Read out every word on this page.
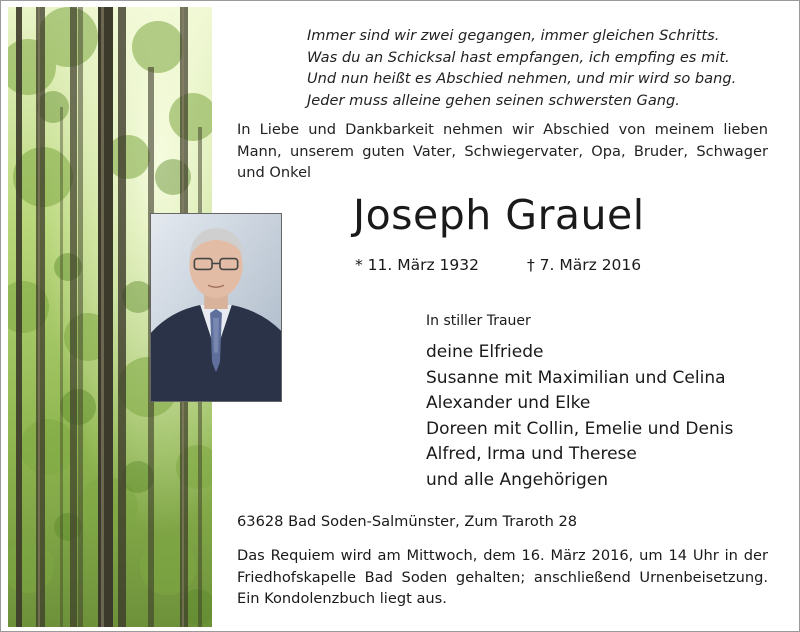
Immer sind wir zwei gegangen, immer gleichen Schritts.
Was du an Schicksal hast empfangen, ich empfing es mit.
Und nun heißt es Abschied nehmen, und mir wird so bang.
Jeder muss alleine gehen seinen schwersten Gang.
In Liebe und Dankbarkeit nehmen wir Abschied von meinem lieben Mann, unserem guten Vater, Schwiegervater, Opa, Bruder, Schwager und Onkel
Joseph Grauel
* 11. März 1932	† 7. März 2016
In stiller Trauer
deine Elfriede
Susanne mit Maximilian und Celina
Alexander und Elke
Doreen mit Collin, Emelie und Denis
Alfred, Irma und Therese
und alle Angehörigen
63628 Bad Soden-Salmünster, Zum Traroth 28
Das Requiem wird am Mittwoch, dem 16. März 2016, um 14 Uhr in der Friedhofskapelle Bad Soden gehalten; anschließend Urnenbeisetzung. Ein Kondolenzbuch liegt aus.
